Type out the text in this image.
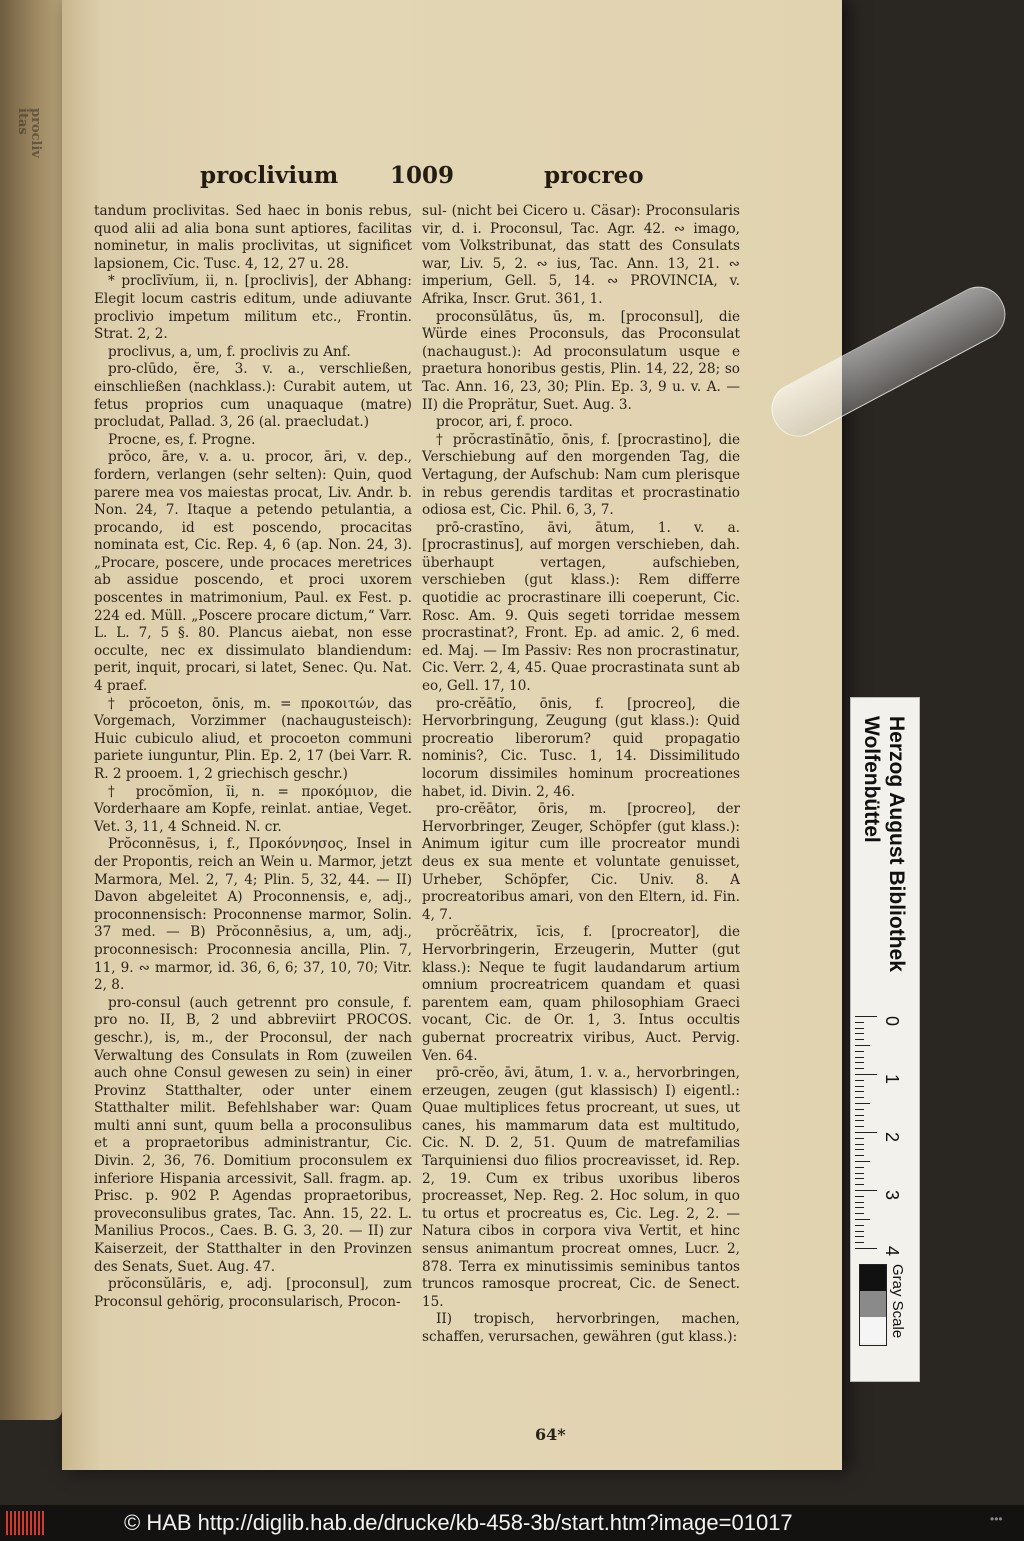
proclivitas
proclivium 1009	procreo

tandum proclivitas. Sed haec in bonis rebus, quod alii ad alia bona sunt aptiores, facilitas nominetur, in malis proclivitas, ut significet lapsionem, Cic. Tusc. 4, 12, 27 u. 28.

* proclīvĭum, ii, n. [proclivis], der Abhang: Elegit locum castris editum, unde adiuvante proclivio impetum militum etc., Frontin. Strat. 2, 2.

proclivus, a, um, f. proclivis zu Anf.

pro-clūdo, ĕre, 3. v. a., verschließen, einschließen (nachklass.): Curabit autem, ut fetus proprios cum unaquaque (matre) procludat, Pallad. 3, 26 (al. praecludat.)

Procne, es, f. Progne.

prŏco, āre, v. a. u. procor, āri, v. dep., fordern, verlangen (sehr selten): Quin, quod parere mea vos maiestas procat, Liv. Andr. b. Non. 24, 7. Itaque a petendo petulantia, a procando, id est poscendo, procacitas nominata est, Cic. Rep. 4, 6 (ap. Non. 24, 3). „Procare, poscere, unde procaces meretrices ab assidue poscendo, et proci uxorem poscentes in matrimonium, Paul. ex Fest. p. 224 ed. Müll. „Poscere procare dictum,“ Varr. L. L. 7, 5 §. 80. Plancus aiebat, non esse occulte, nec ex dissimulato blandiendum: perit, inquit, procari, si latet, Senec. Qu. Nat. 4 praef.

† prŏcoeton, ōnis, m. = προκοιτών, das Vorgemach, Vorzimmer (nachaugusteisch): Huic cubiculo aliud, et procoeton communi pariete iunguntur, Plin. Ep. 2, 17 (bei Varr. R. R. 2 prooem. 1, 2 griechisch geschr.)

† procŏmĭon, ĭi, n. = προκόμιον, die Vorderhaare am Kopfe, reinlat. antiae, Veget. Vet. 3, 11, 4 Schneid. N. cr.

Prŏconnēsus, i, f., Προκόννησος, Insel in der Propontis, reich an Wein u. Marmor, jetzt Marmora, Mel. 2, 7, 4; Plin. 5, 32, 44. — II) Davon abgeleitet A) Proconnensis, e, adj., proconnensisch: Proconnense marmor, Solin. 37 med. — B) Prŏconnēsius, a, um, adj., proconnesisch: Proconnesia ancilla, Plin. 7, 11, 9. ∾ marmor, id. 36, 6, 6; 37, 10, 70; Vitr. 2, 8.

pro-consul (auch getrennt pro consule, f. pro no. II, B, 2 und abbreviirt PROCOS. geschr.), is, m., der Proconsul, der nach Verwaltung des Consulats in Rom (zuweilen auch ohne Consul gewesen zu sein) in einer Provinz Statthalter, oder unter einem Statthalter milit. Befehlshaber war: Quam multi anni sunt, quum bella a proconsulibus et a propraetoribus administrantur, Cic. Divin. 2, 36, 76. Domitium proconsulem ex inferiore Hispania arcessivit, Sall. fragm. ap. Prisc. p. 902 P. Agendas propraetoribus, proveconsulibus grates, Tac. Ann. 15, 22. L. Manilius Procos., Caes. B. G. 3, 20. — II) zur Kaiserzeit, der Statthalter in den Provinzen des Senats, Suet. Aug. 47.

prŏconsŭlāris, e, adj. [proconsul], zum Proconsul gehörig, proconsularisch, Procon-

sul- (nicht bei Cicero u. Cäsar): Proconsularis vir, d. i. Proconsul, Tac. Agr. 42. ∾ imago, vom Volkstribunat, das statt des Consulats war, Liv. 5, 2. ∾ ius, Tac. Ann. 13, 21. ∾ imperium, Gell. 5, 14. ∾ PROVINCIA, v. Afrika, Inscr. Grut. 361, 1.

proconsŭlātus, ūs, m. [proconsul], die Würde eines Proconsuls, das Proconsulat (nachaugust.): Ad proconsulatum usque e praetura honoribus gestis, Plin. 14, 22, 28; so Tac. Ann. 16, 23, 30; Plin. Ep. 3, 9 u. v. A. — II) die Proprätur, Suet. Aug. 3.

procor, ari, f. proco.

† prŏcrastĭnātĭo, ōnis, f. [procrastino], die Verschiebung auf den morgenden Tag, die Vertagung, der Aufschub: Nam cum plerisque in rebus gerendis tarditas et procrastinatio odiosa est, Cic. Phil. 6, 3, 7.

prō-crastĭno, āvi, ātum, 1. v. a. [procrastinus], auf morgen verschieben, dah. überhaupt vertagen, aufschieben, verschieben (gut klass.): Rem differre quotidie ac procrastinare illi coeperunt, Cic. Rosc. Am. 9. Quis segeti torridae messem procrastinat?, Front. Ep. ad amic. 2, 6 med. ed. Maj. — Im Passiv: Res non procrastinatur, Cic. Verr. 2, 4, 45. Quae procrastinata sunt ab eo, Gell. 17, 10.

pro-crĕātĭo, ōnis, f. [procreo], die Hervorbringung, Zeugung (gut klass.): Quid procreatio liberorum? quid propagatio nominis?, Cic. Tusc. 1, 14. Dissimilitudo locorum dissimiles hominum procreationes habet, id. Divin. 2, 46.

pro-crĕātor, ōris, m. [procreo], der Hervorbringer, Zeuger, Schöpfer (gut klass.): Animum igitur cum ille procreator mundi deus ex sua mente et voluntate genuisset, Urheber, Schöpfer, Cic. Univ. 8. A procreatoribus amari, von den Eltern, id. Fin. 4, 7.

prŏcrĕātrix, īcis, f. [procreator], die Hervorbringerin, Erzeugerin, Mutter (gut klass.): Neque te fugit laudandarum artium omnium procreatricem quandam et quasi parentem eam, quam philosophiam Graeci vocant, Cic. de Or. 1, 3. Intus occultis gubernat procreatrix viribus, Auct. Pervig. Ven. 64.

prō-crĕo, āvi, ātum, 1. v. a., hervorbringen, erzeugen, zeugen (gut klassisch) I) eigentl.: Quae multiplices fetus procreant, ut sues, ut canes, his mammarum data est multitudo, Cic. N. D. 2, 51. Quum de matrefamilias Tarquiniensi duo filios procreavisset, id. Rep. 2, 19. Cum ex tribus uxoribus liberos procreasset, Nep. Reg. 2. Hoc solum, in quo tu ortus et procreatus es, Cic. Leg. 2, 2. — Natura cibos in corpora viva Vertit, et hinc sensus animantum procreat omnes, Lucr. 2, 878. Terra ex minutissimis seminibus tantos truncos ramosque procreat, Cic. de Senect. 15.

II) tropisch, hervorbringen, machen, schaffen, verursachen, gewähren (gut klass.):

64*
Herzog August Bibliothek
Wolfenbüttel
0
1
2
3
4
Gray Scale
© HAB http://diglib.hab.de/drucke/kb-458-3b/start.htm?image=01017	•••
